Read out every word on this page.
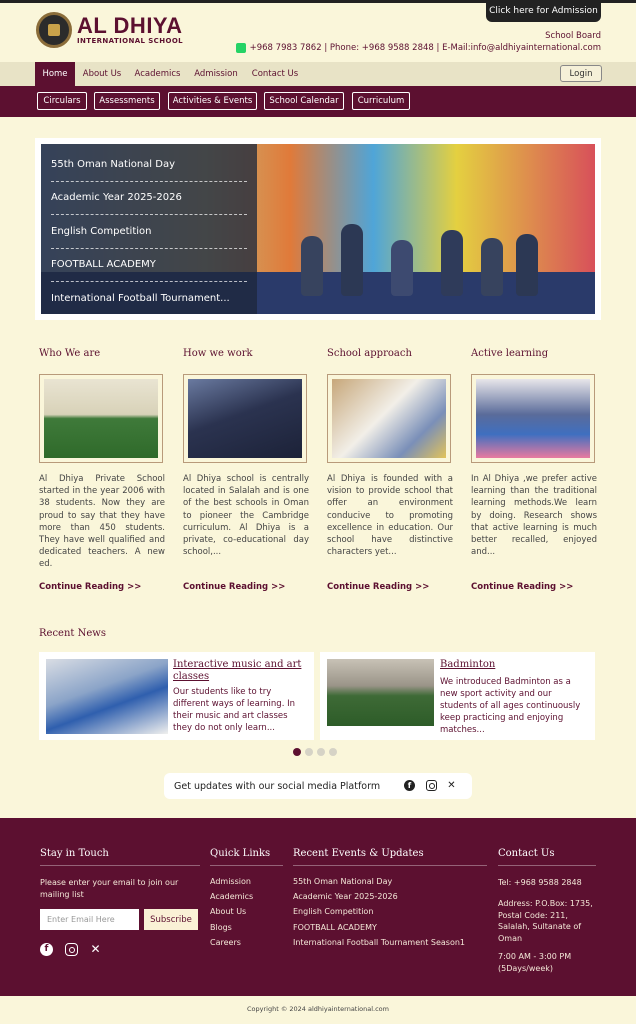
Click here for Admission
AL DHIYA
INTERNATIONAL SCHOOL	School Board
+968 7983 7862 | Phone: +968 9588 2848 | E-Mail:info@aldhiyainternational.com
Home	About Us	Academics	Admission	Contact Us	Login
Circulars	Assessments	Activities & Events	School Calendar	Curriculum
55th Oman National Day
Academic Year 2025-2026
English Competition
FOOTBALL ACADEMY
International Football Tournament...
Who We are
Al Dhiya Private School started in the year 2006 with 38 students. Now they are proud to say that they have more than 450 students. They have well qualified and dedicated teachers. A new ed.
How we work
Al Dhiya school is centrally located in Salalah and is one of the best schools in Oman to pioneer the Cambridge curriculum. Al Dhiya is a private, co-educational day school,...
School approach
Al Dhiya is founded with a vision to provide school that offer an environment conducive to promoting excellence in education. Our school have distinctive characters yet...
Active learning
In Al Dhiya ,we prefer active learning than the traditional learning methods.We learn by doing. Research shows that active learning is much better recalled, enjoyed and...
Continue Reading >>	Continue Reading >>	Continue Reading >>	Continue Reading >>
Recent News
Interactive music and art classes
Our students like to try different ways of learning. In their music and art classes they do not only learn...
Badminton
We introduced Badminton as a new sport activity and our students of all ages continuously keep practicing and enjoying matches...
Get updates with our social media Platform	f	✕
Stay in Touch
Please enter your email to join our mailing list
Enter Email Here	Subscribe
f	✕
Quick Links
Admission
Academics
About Us
Blogs
Careers
Recent Events & Updates
55th Oman National Day
Academic Year 2025-2026
English Competition
FOOTBALL ACADEMY
International Football Tournament Season1
Contact Us
Tel: +968 9588 2848
Address: P.O.Box: 1735, Postal Code: 211, Salalah, Sultanate of Oman
7:00 AM - 3:00 PM (5Days/week)
Copyright © 2024 aldhiyainternational.com
